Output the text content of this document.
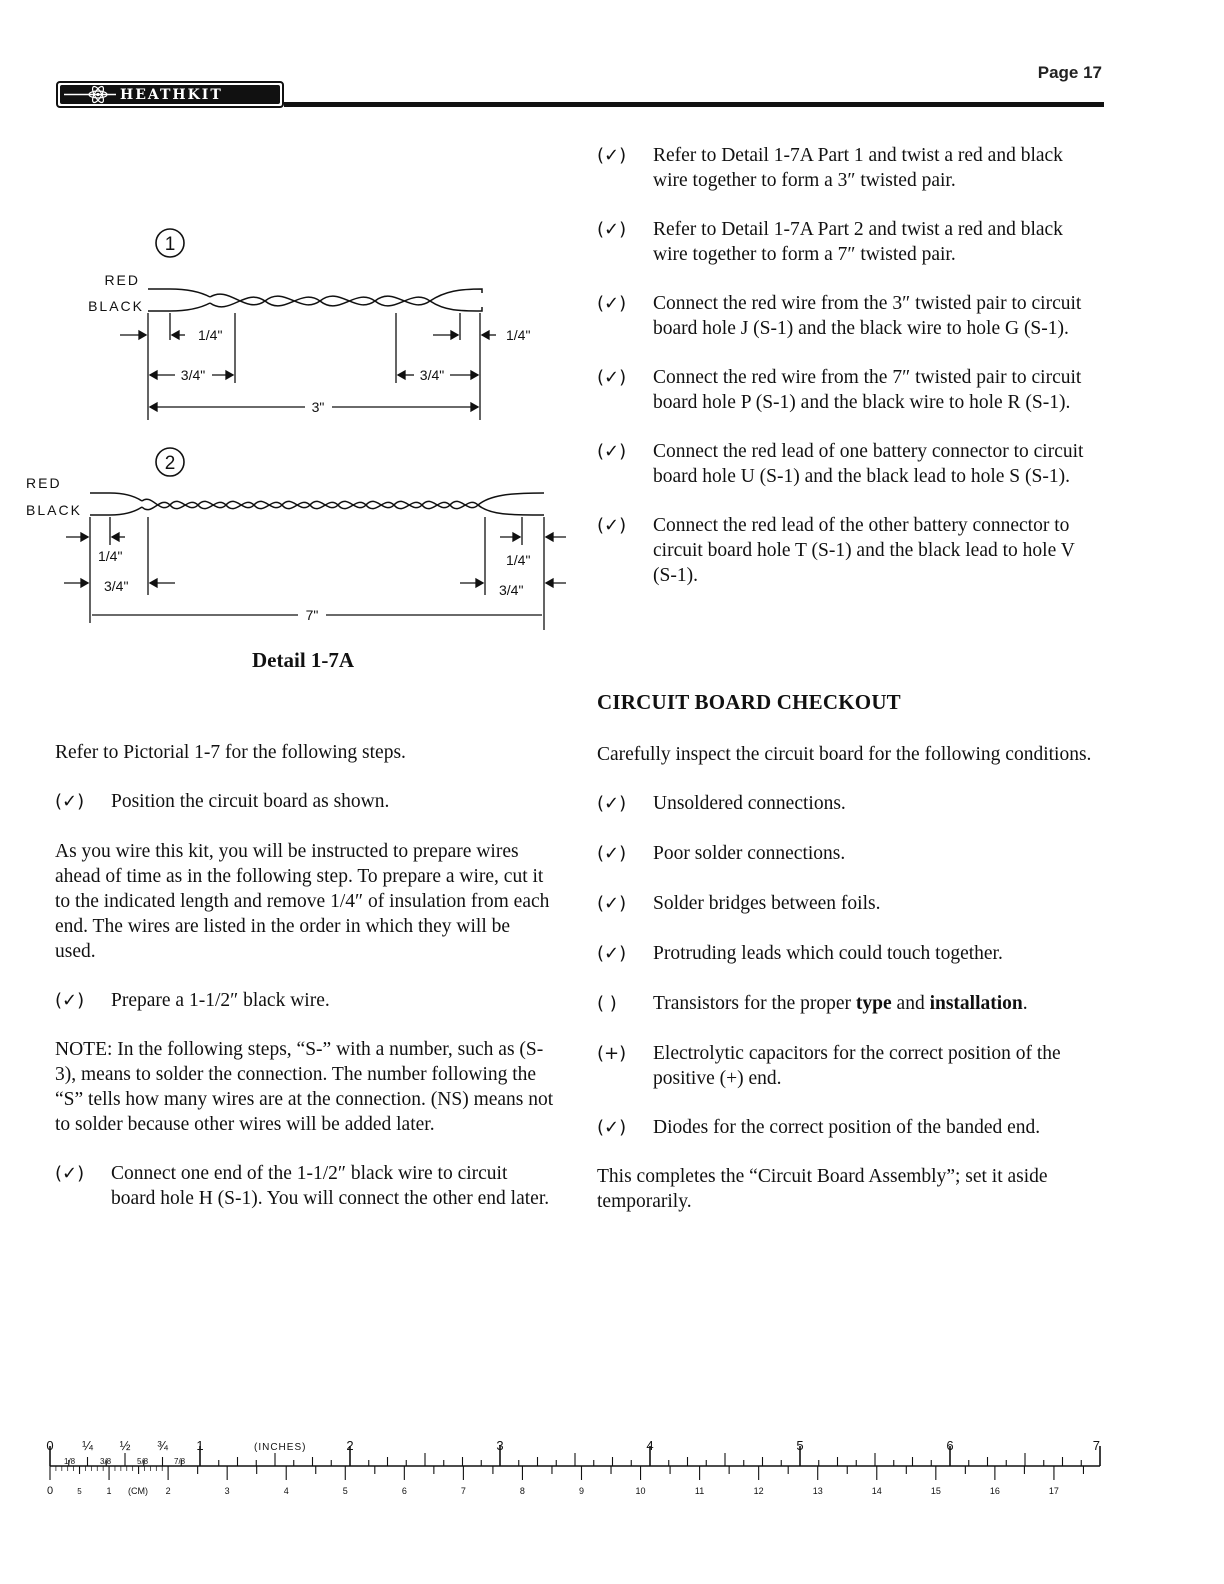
HEATHKIT
Page 17
1
RED
BLACK
1/4"	1/4"
3/4"	3/4"
3"
2
RED
BLACK
1/4"	1/4"
3/4"	3/4"
7"
Detail 1-7A
(✓)	Refer to Detail 1-7A Part 1 and twist a red and black wire together to form a 3″ twisted pair.
(✓)	Refer to Detail 1-7A Part 2 and twist a red and black wire together to form a 7″ twisted pair.
(✓)	Connect the red wire from the 3″ twisted pair to circuit board hole J (S-1) and the black wire to hole G (S-1).
(✓)	Connect the red wire from the 7″ twisted pair to circuit board hole P (S-1) and the black wire to hole R (S-1).
(✓)	Connect the red lead of one battery connector to circuit board hole U (S-1) and the black lead to hole S (S-1).
(✓)	Connect the red lead of the other battery connector to circuit board hole T (S-1) and the black lead to hole V (S-1).
CIRCUIT BOARD CHECKOUT
Carefully inspect the circuit board for the following conditions.
(✓)	Unsoldered connections.
(✓)	Poor solder connections.
(✓)	Solder bridges between foils.
(✓)	Protruding leads which could touch together.
( )	Transistors for the proper type and installation.
(+)	Electrolytic capacitors for the correct position of the positive (+) end.
(✓)	Diodes for the correct position of the banded end.
This completes the “Circuit Board Assembly”; set it aside temporarily.
Refer to Pictorial 1-7 for the following steps.
(✓)	Position the circuit board as shown.
As you wire this kit, you will be instructed to prepare wires ahead of time as in the following step. To prepare a wire, cut it to the indicated length and remove 1/4″ of insulation from each end. The wires are listed in the order in which they will be used.
(✓)	Prepare a 1-1/2″ black wire.
NOTE: In the following steps, “S-” with a number, such as (S-3), means to solder the connection. The number following the “S” tells how many wires are at the connection. (NS) means not to solder because other wires will be added later.
(✓)	Connect one end of the 1-1/2″ black wire to circuit board hole H (S-1). You will connect the other end later.
0 ¼ ½ ¾ 1	2	3	4	5	6	7
(INCHES)
1/8	3/8	5/8	7/8
0	5	1	2	3	4	5	6	7	8	9	10	11	12	13	14	15	16	17
(CM)
